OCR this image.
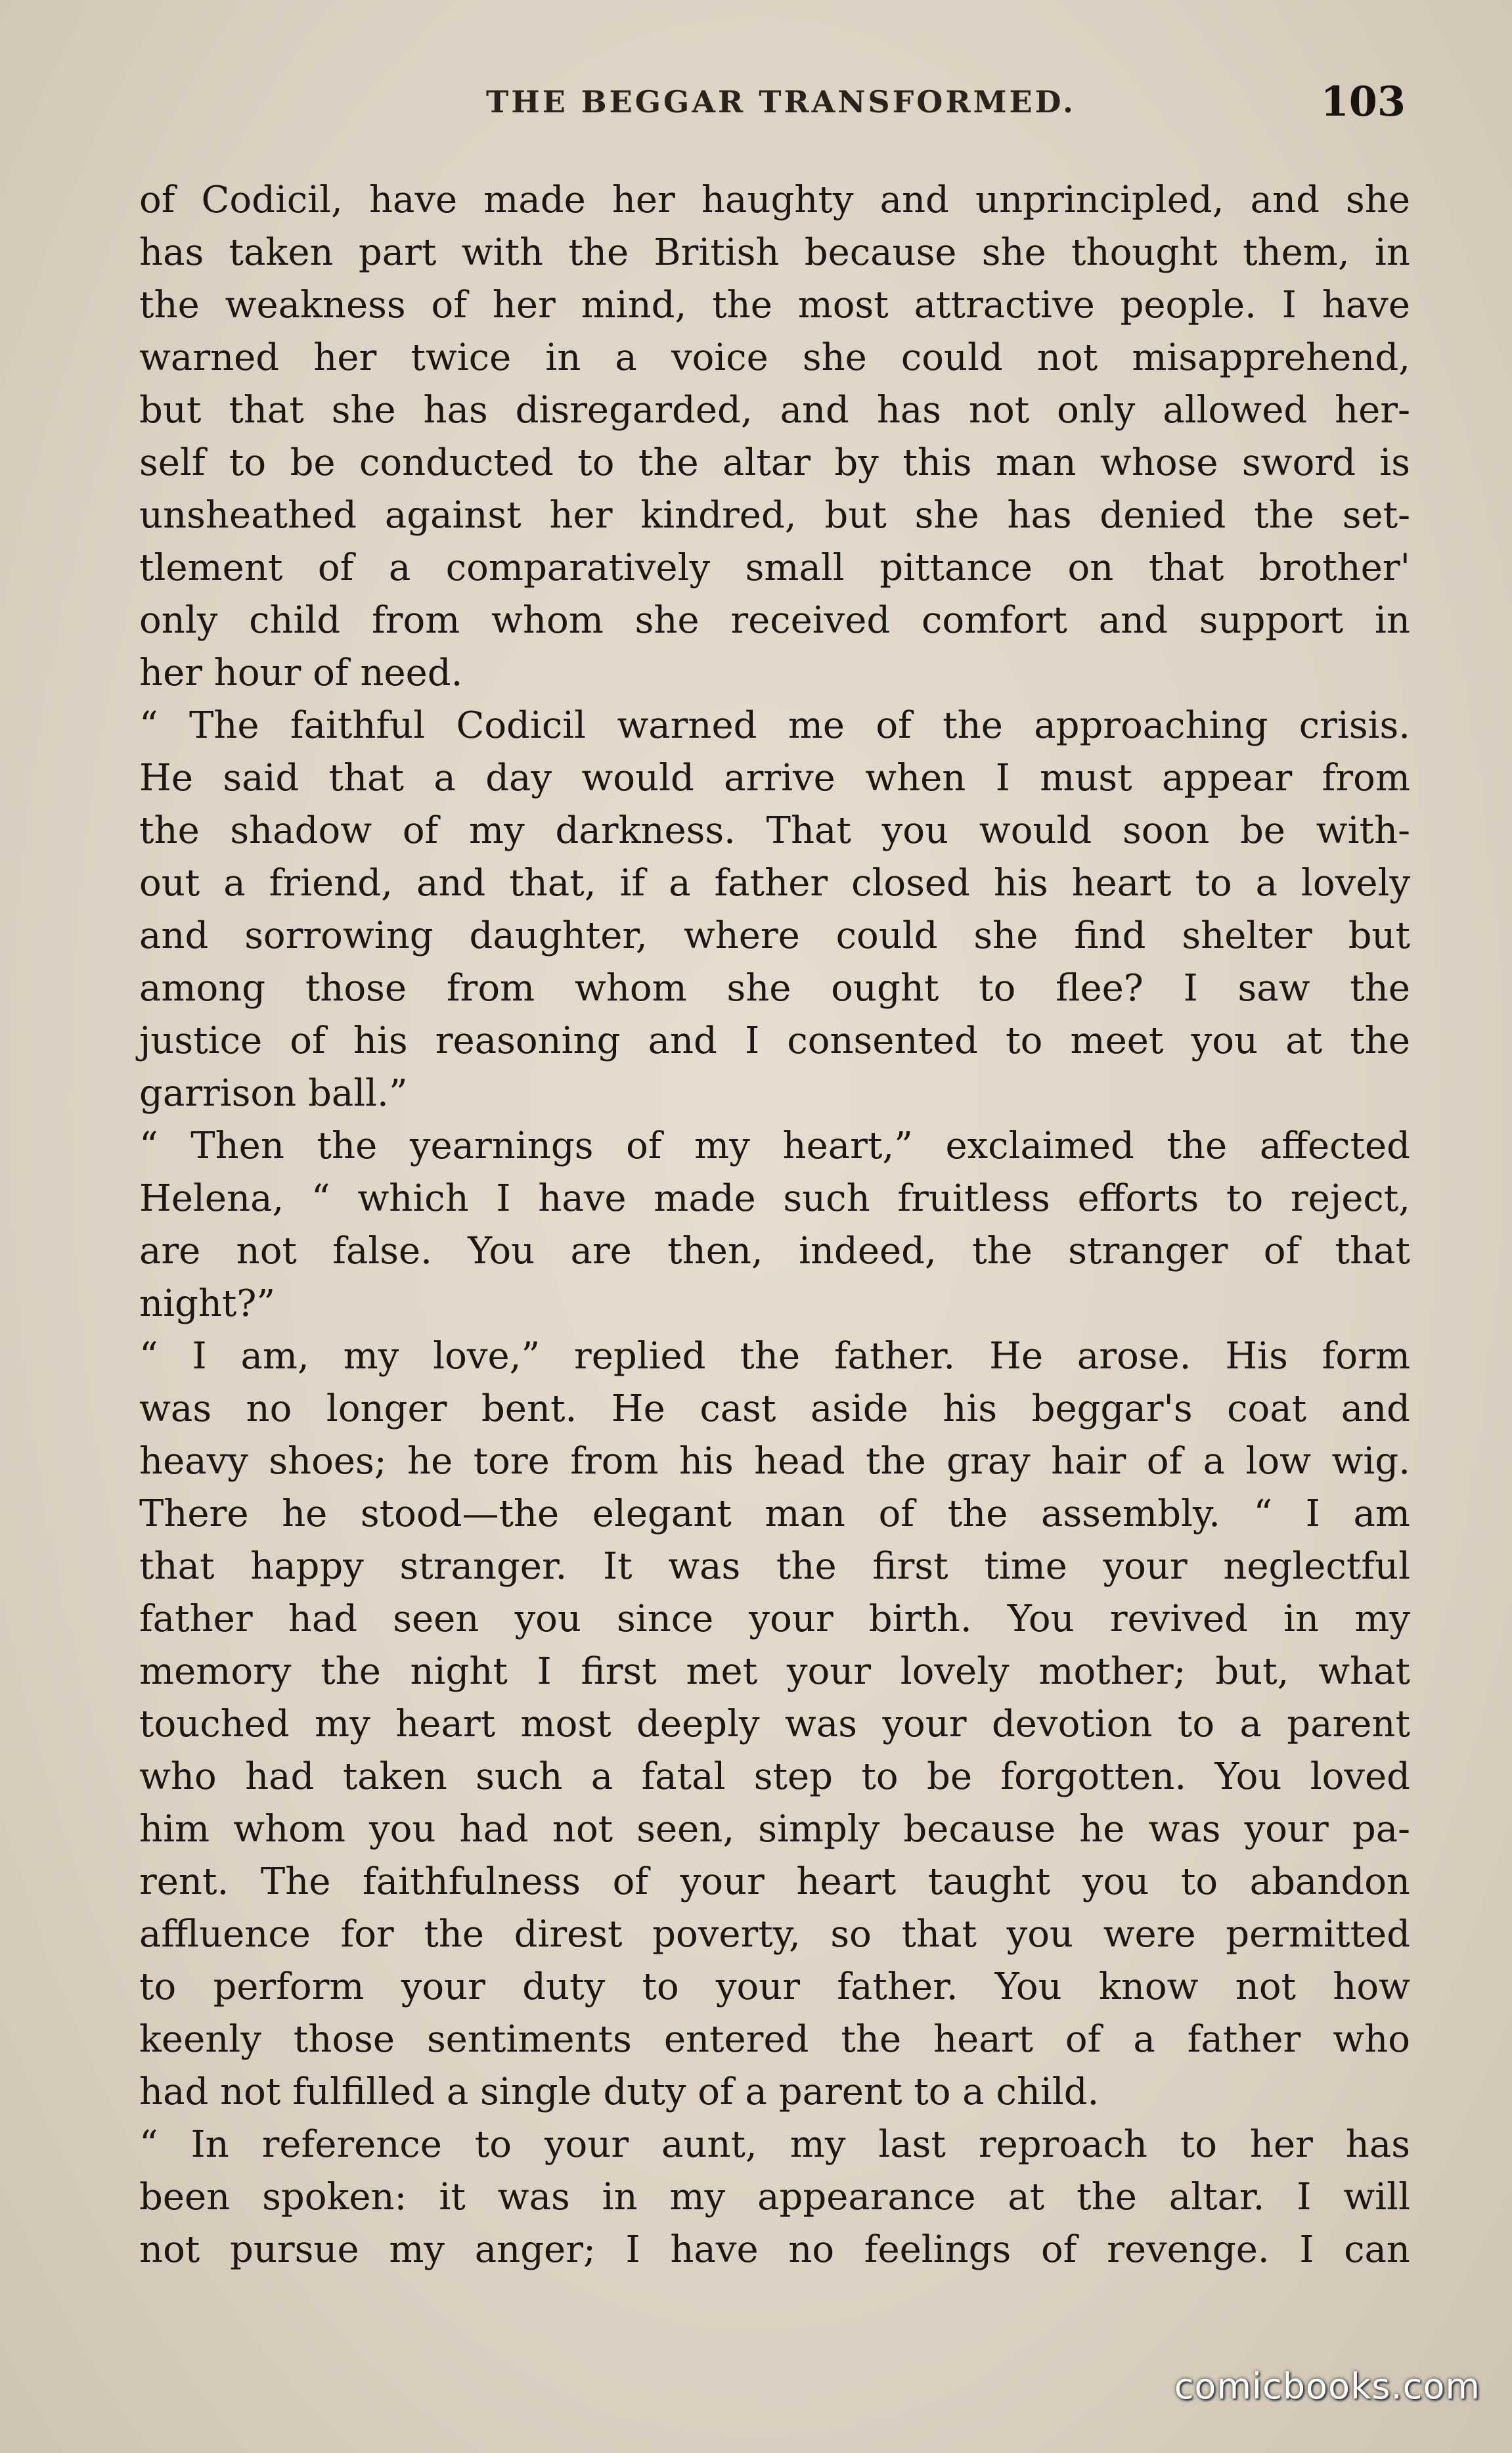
THE BEGGAR TRANSFORMED.	103
of Codicil, have made her haughty and unprincipled, and she
has taken part with the British because she thought them, in
the weakness of her mind, the most attractive people. I have
warned her twice in a voice she could not misapprehend,
but that she has disregarded, and has not only allowed her-
self to be conducted to the altar by this man whose sword is
unsheathed against her kindred, but she has denied the set-
tlement of a comparatively small pittance on that brother'
only child from whom she received comfort and support in
her hour of need.
“ The faithful Codicil warned me of the approaching crisis.
He said that a day would arrive when I must appear from
the shadow of my darkness. That you would soon be with-
out a friend, and that, if a father closed his heart to a lovely
and sorrowing daughter, where could she find shelter but
among those from whom she ought to flee? I saw the
justice of his reasoning and I consented to meet you at the
garrison ball.”
“ Then the yearnings of my heart,” exclaimed the affected
Helena, “ which I have made such fruitless efforts to reject,
are not false. You are then, indeed, the stranger of that
night?”
“ I am, my love,” replied the father. He arose. His form
was no longer bent. He cast aside his beggar's coat and
heavy shoes; he tore from his head the gray hair of a low wig.
There he stood—the elegant man of the assembly. “ I am
that happy stranger. It was the first time your neglectful
father had seen you since your birth. You revived in my
memory the night I first met your lovely mother; but, what
touched my heart most deeply was your devotion to a parent
who had taken such a fatal step to be forgotten. You loved
him whom you had not seen, simply because he was your pa-
rent. The faithfulness of your heart taught you to abandon
affluence for the direst poverty, so that you were permitted
to perform your duty to your father. You know not how
keenly those sentiments entered the heart of a father who
had not fulfilled a single duty of a parent to a child.
“ In reference to your aunt, my last reproach to her has
been spoken: it was in my appearance at the altar. I will
not pursue my anger; I have no feelings of revenge. I can
comicbooks.com
